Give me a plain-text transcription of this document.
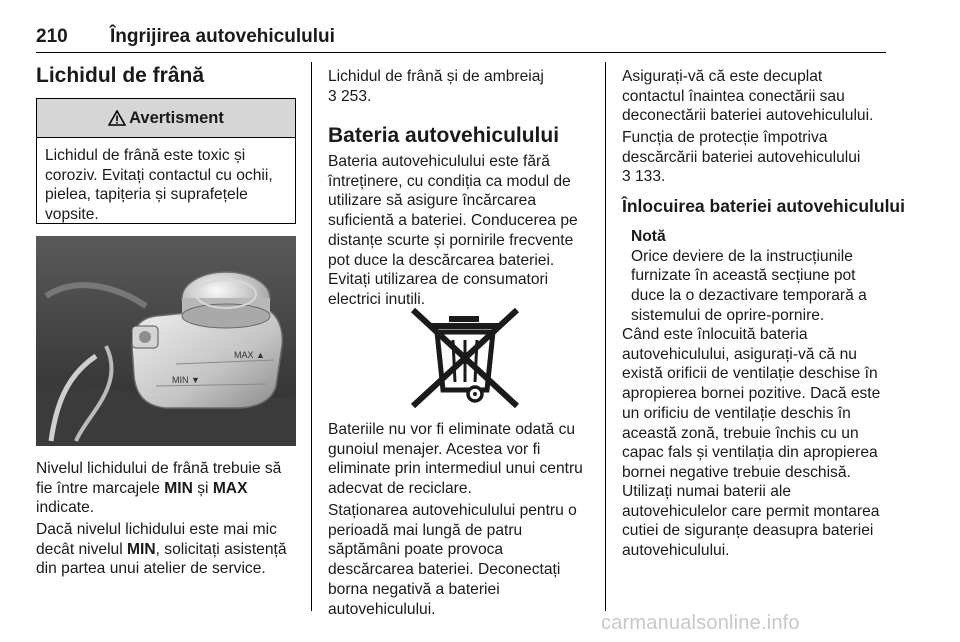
210 Îngrijirea autovehiculului
Lichidul de frână
Avertisment
Lichidul de frână este toxic și
coroziv. Evitați contactul cu ochii,
pielea, tapițeria și suprafețele
vopsite.
MAX ▲
MIN ▼
Nivelul lichidului de frână trebuie să
fie între marcajele MIN și MAX
indicate.
Dacă nivelul lichidului este mai mic
decât nivelul MIN, solicitați asistență
din partea unui atelier de service.
Lichidul de frână și de ambreiaj
3 253.
Bateria autovehiculului
Bateria autovehiculului este fără
întreținere, cu condiția ca modul de
utilizare să asigure încărcarea
suficientă a bateriei. Conducerea pe
distanțe scurte și pornirile frecvente
pot duce la descărcarea bateriei.
Evitați utilizarea de consumatori
electrici inutili.
Bateriile nu vor fi eliminate odată cu
gunoiul menajer. Acestea vor fi
eliminate prin intermediul unui centru
adecvat de reciclare.
Staționarea autovehiculului pentru o
perioadă mai lungă de patru
săptămâni poate provoca
descărcarea bateriei. Deconectați
borna negativă a bateriei
autovehiculului.
Asigurați-vă că este decuplat
contactul înaintea conectării sau
deconectării bateriei autovehiculului.
Funcția de protecție împotriva
descărcării bateriei autovehiculului
3 133.
Înlocuirea bateriei autovehiculului
Notă
Orice deviere de la instrucțiunile
furnizate în această secțiune pot
duce la o dezactivare temporară a
sistemului de oprire-pornire.
Când este înlocuită bateria
autovehiculului, asigurați-vă că nu
există orificii de ventilație deschise în
apropierea bornei pozitive. Dacă este
un orificiu de ventilație deschis în
această zonă, trebuie închis cu un
capac fals și ventilația din apropierea
bornei negative trebuie deschisă.
Utilizați numai baterii ale
autovehiculelor care permit montarea
cutiei de siguranțe deasupra bateriei
autovehiculului.
carmanualsonline.info
